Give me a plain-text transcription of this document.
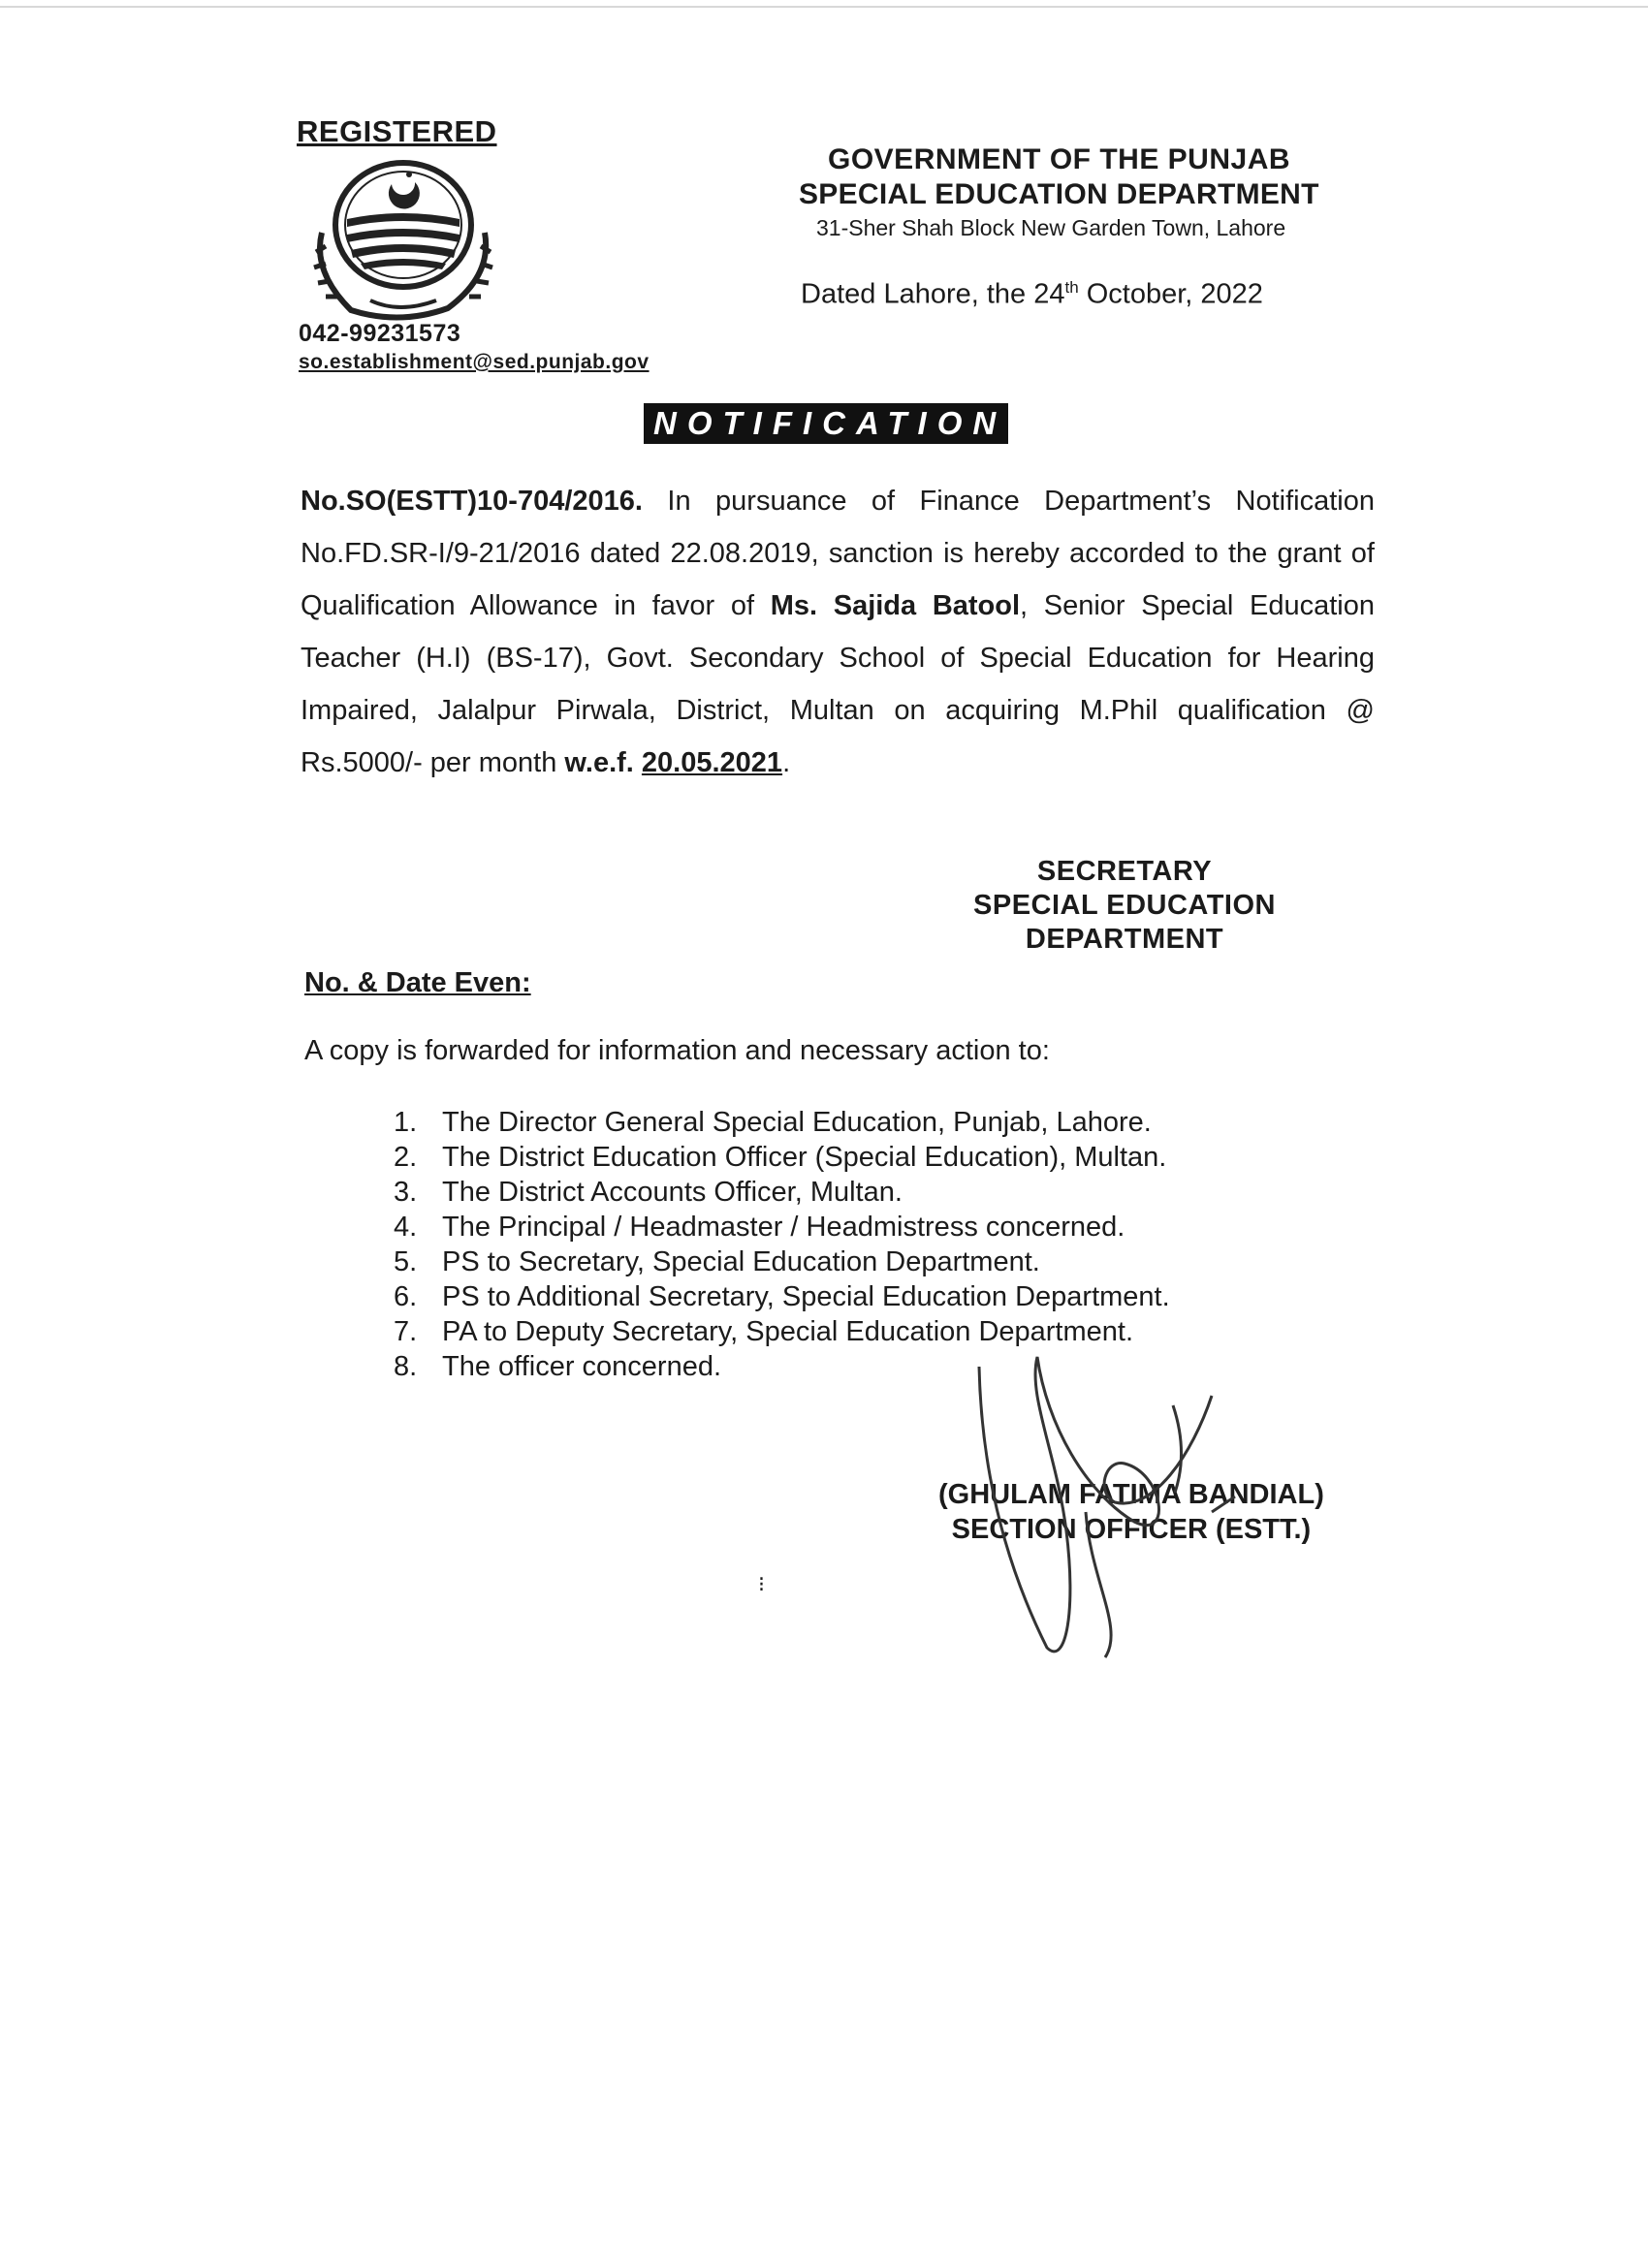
REGISTERED
042-99231573
so.establishment@sed.punjab.gov
GOVERNMENT OF THE PUNJAB
SPECIAL EDUCATION DEPARTMENT
31-Sher Shah Block New Garden Town, Lahore
Dated Lahore, the 24th October, 2022
NOTIFICATION
No.SO(ESTT)10-704/2016. In pursuance of Finance Department’s Notification No.FD.SR-I/9-21/2016 dated 22.08.2019, sanction is hereby accorded to the grant of Qualification Allowance in favor of Ms. Sajida Batool, Senior Special Education Teacher (H.I) (BS-17), Govt. Secondary School of Special Education for Hearing Impaired, Jalalpur Pirwala, District, Multan on acquiring M.Phil qualification @ Rs.5000/- per month w.e.f. 20.05.2021.
SECRETARY
SPECIAL EDUCATION
DEPARTMENT
No. & Date Even:
A copy is forwarded for information and necessary action to:
1. The Director General Special Education, Punjab, Lahore.
2. The District Education Officer (Special Education), Multan.
3. The District Accounts Officer, Multan.
4. The Principal / Headmaster / Headmistress concerned.
5. PS to Secretary, Special Education Department.
6. PS to Additional Secretary, Special Education Department.
7. PA to Deputy Secretary, Special Education Department.
8. The officer concerned.
(GHULAM FATIMA BANDIAL)
SECTION OFFICER (ESTT.)
⁝
